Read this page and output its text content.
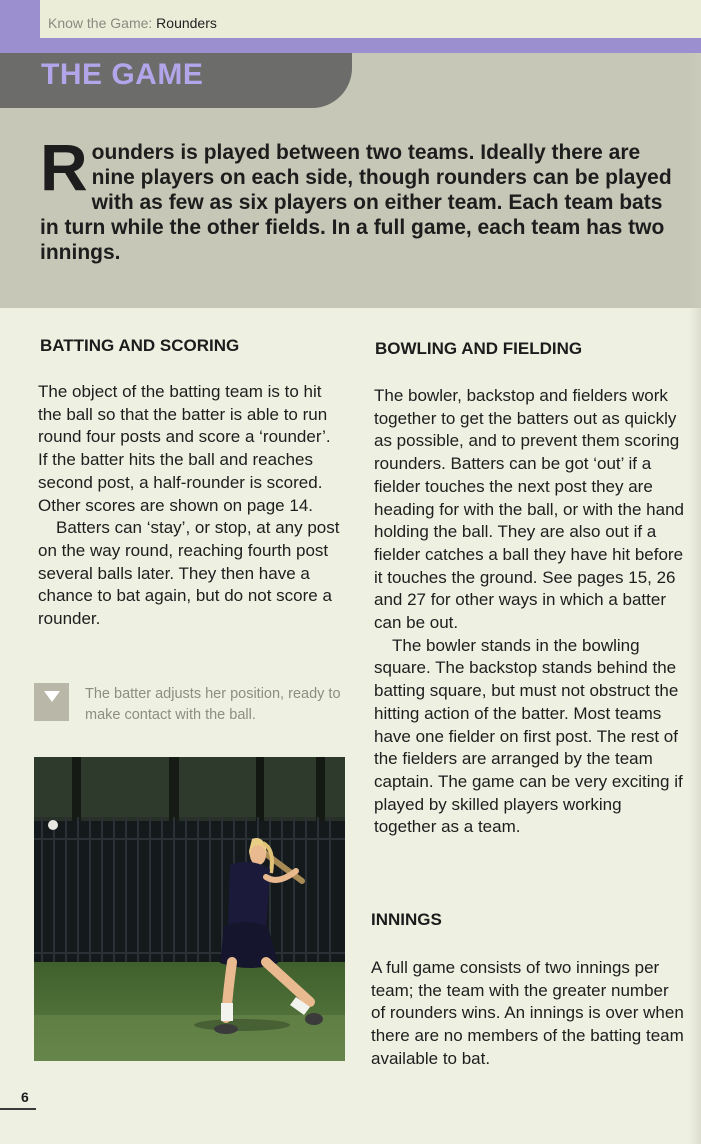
Know the Game: Rounders
THE GAME
Rounders is played between two teams. Ideally there are nine players on each side, though rounders can be played with as few as six players on either team. Each team bats in turn while the other fields. In a full game, each team has two innings.
BATTING AND SCORING

The object of the batting team is to hit the ball so that the batter is able to run round four posts and score a ‘rounder’. If the batter hits the ball and reaches second post, a half-rounder is scored. Other scores are shown on page 14.

Batters can ‘stay’, or stop, at any post on the way round, reaching fourth post several balls later. They then have a chance to bat again, but do not score a rounder.

The batter adjusts her position, ready to make contact with the ball.
BOWLING AND FIELDING

The bowler, backstop and fielders work together to get the batters out as quickly as possible, and to prevent them scoring rounders. Batters can be got ‘out’ if a fielder touches the next post they are heading for with the ball, or with the hand holding the ball. They are also out if a fielder catches a ball they have hit before it touches the ground. See pages 15, 26 and 27 for other ways in which a batter can be out.

The bowler stands in the bowling square. The backstop stands behind the batting square, but must not obstruct the hitting action of the batter. Most teams have one fielder on first post. The rest of the fielders are arranged by the team captain. The game can be very exciting if played by skilled players working together as a team.

INNINGS

A full game consists of two innings per team; the team with the greater number of rounders wins. An innings is over when there are no members of the batting team available to bat.

6
